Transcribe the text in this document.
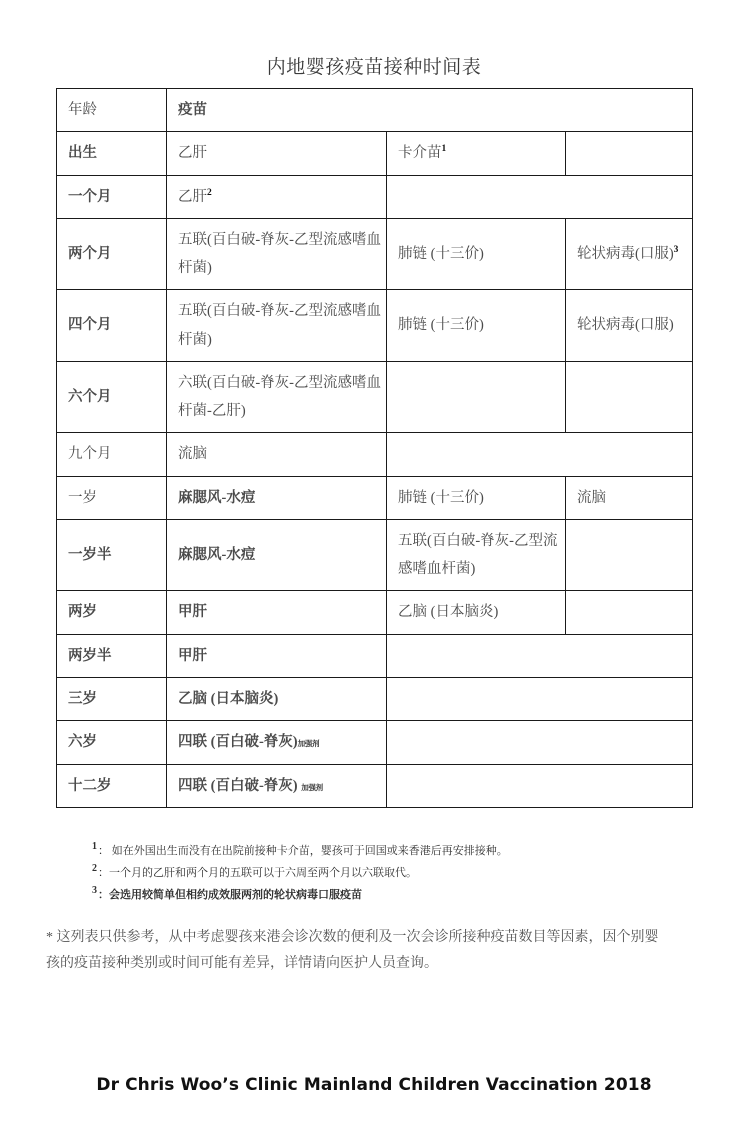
内地婴孩疫苗接种时间表
年龄	疫苗		
出生	乙肝	卡介苗$^1$	
一个月	乙肝$^2$	
两个月	五联(百白破-脊灰-乙型流感嗜血杆菌)	肺链 (十三价)	轮状病毒(口服)$^3$
四个月	五联(百白破-脊灰-乙型流感嗜血杆菌)	肺链 (十三价)	轮状病毒(口服)
六个月	六联(百白破-脊灰-乙型流感嗜血杆菌-乙肝)	

九个月	流脑		
一岁	麻腮风-水痘	肺链 (十三价)	流脑
一岁半	麻腮风-水痘	五联(百白破-脊灰-乙型流感嗜血杆菌)	
两岁	甲肝	乙脑 (日本脑炎)	
两岁半	甲肝		
三岁	乙脑 (日本脑炎)		
六岁	四联 (百白破-脊灰)加强剂		
十二岁	四联 (百白破-脊灰) 加强剂		
1： 如在外国出生而没有在出院前接种卡介苗，婴孩可于回国或来香港后再安排接种。
2：一个月的乙肝和两个月的五联可以于六周至两个月以六联取代。
3：会选用较简单但相约成效服两剂的轮状病毒口服疫苗
* 这列表只供参考，从中考虑婴孩来港会诊次数的便利及一次会诊所接种疫苗数目等因素，因个别婴孩的疫苗接种类别或时间可能有差异，详情请向医护人员查询。
Dr Chris Woo’s Clinic Mainland Children Vaccination 2018
